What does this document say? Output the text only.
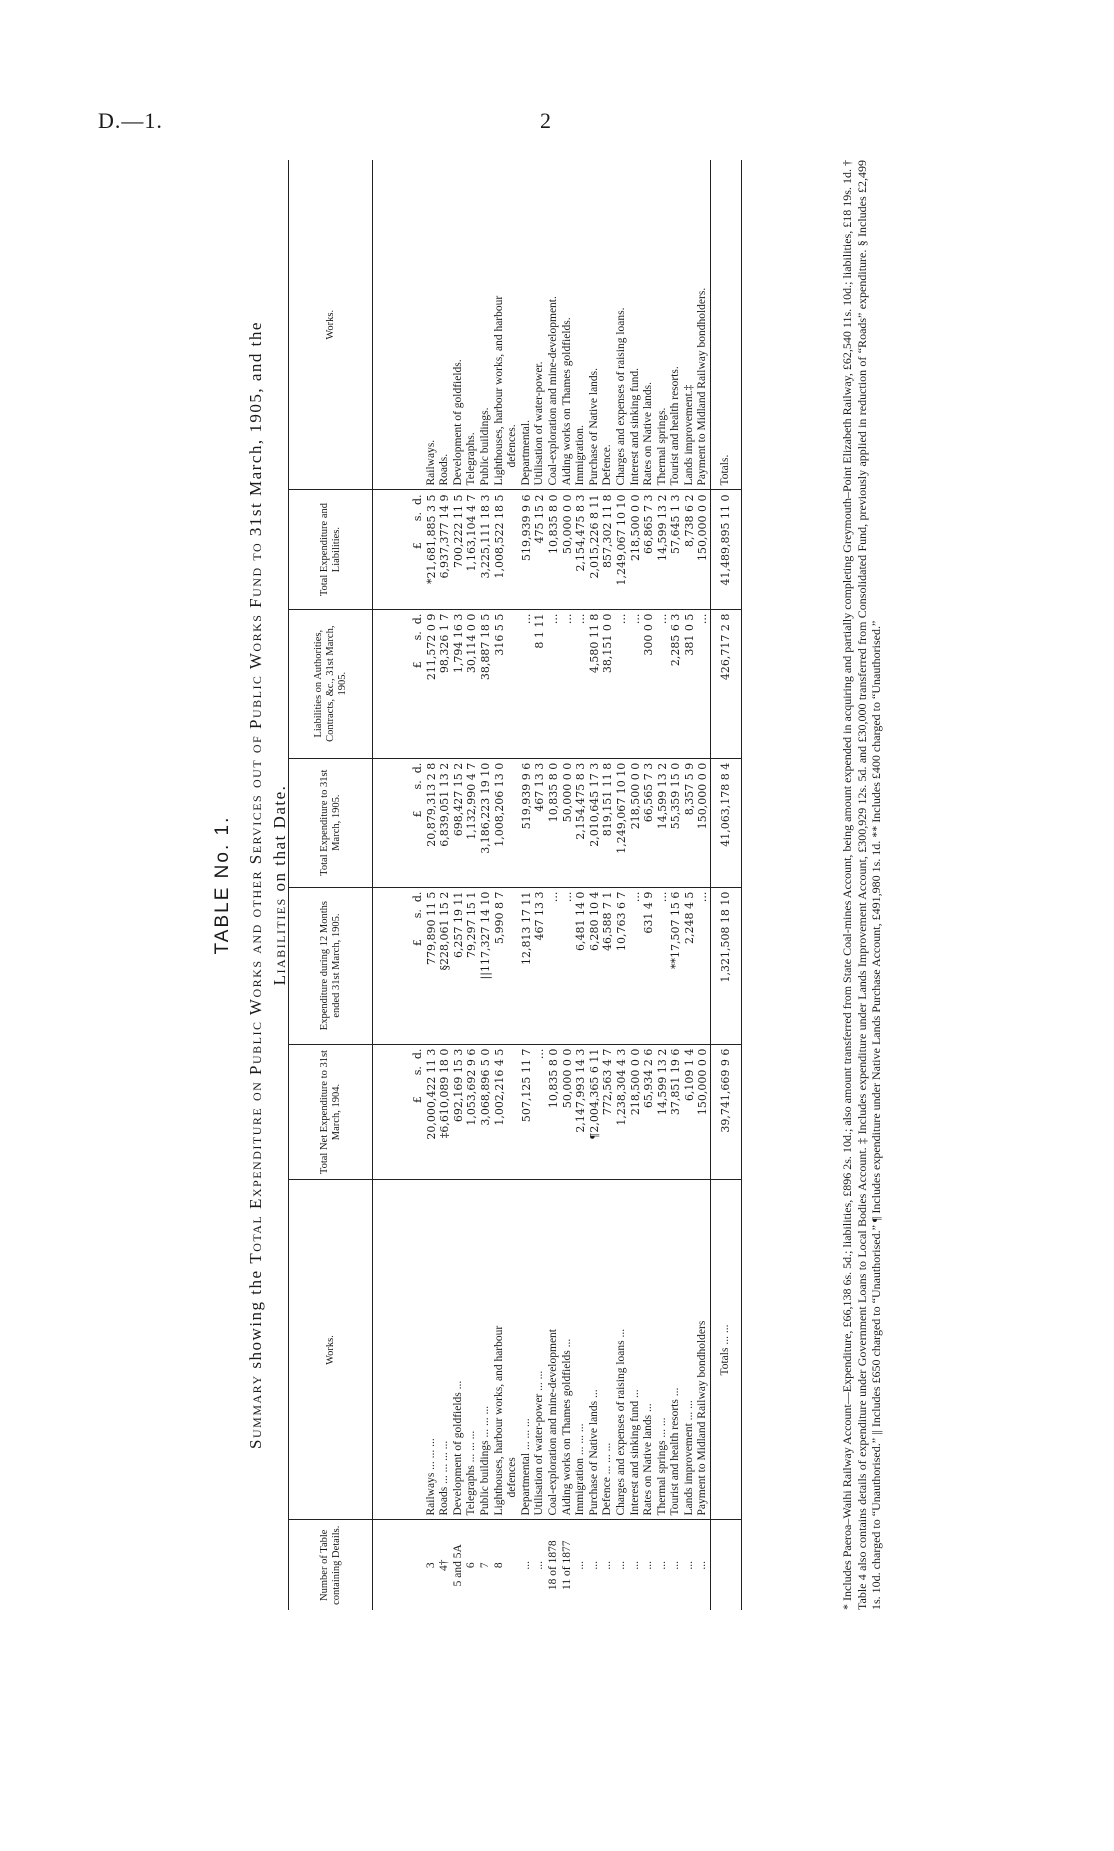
D.—1.	2
TABLE No. 1.
Summary showing the Total Expenditure on Public Works and other Services out of Public Works Fund to 31st March, 1905, and the
Liabilities on that Date.
Number of Table containing Details.	Works.	Total Net Expenditure to 31st March, 1904.	Expenditure during 12 Months ended 31st March, 1905.	Total Expenditure to 31st March, 1905.	Liabilities on Authorities, Contracts, &c., 31st March, 1905.	Total Expenditure and Liabilities.	Works.
		£      s.  d.	£      s.  d.	£      s.  d.	£      s.  d.	£      s.  d.	
3	Railways ... ... ...	20,000,422 11 3	779,890 11 5	20,879,313 2 8	211,572 0 9	*21,681,885 3 5	Railways.
4†	Roads ... ... ... ...	‡6,610,089 18 0	§228,061 15 2	6,839,051 13 2	98,326 1 7	6,937,377 14 9	Roads.
5 and 5A	Development of goldfields ...	692,169 15 3	6,257 19 11	698,427 15 2	1,794 16 3	700,222 11 5	Development of goldfields.
6	Telegraphs ... ... ...	1,053,692 9 6	79,297 15 1	1,132,990 4 7	30,114 0 0	1,163,104 4 7	Telegraphs.
7	Public buildings ... ... ...	3,068,896 5 0	||117,327 14 10	3,186,223 19 10	38,887 18 5	3,225,111 18 3	Public buildings.
8	Lighthouses, harbour works, and harbour	1,002,216 4 5	5,990 8 7	1,008,206 13 0	316 5 5	1,008,522 18 5	Lighthouses, harbour works, and harbour
	defences						defences.
...	Departmental ... ... ...	507,125 11 7	12,813 17 11	519,939 9 6	...	519,939 9 6	Departmental.
...	Utilisation of water-power ... ...	...	467 13 3	467 13 3	8 1 11	475 15 2	Utilisation of water-power.
18 of 1878	Coal-exploration and mine-development	10,835 8 0	...	10,835 8 0	...	10,835 8 0	Coal-exploration and mine-development.
11 of 1877	Aiding works on Thames goldfields ...	50,000 0 0	...	50,000 0 0	...	50,000 0 0	Aiding works on Thames goldfields.
...	Immigration ... ... ...	2,147,993 14 3	6,481 14 0	2,154,475 8 3	...	2,154,475 8 3	Immigration.
...	Purchase of Native lands ...	¶2,004,365 6 11	6,280 10 4	2,010,645 17 3	4,580 11 8	2,015,226 8 11	Purchase of Native lands.
...	Defence ... ... ...	772,563 4 7	46,588 7 1	819,151 11 8	38,151 0 0	857,302 11 8	Defence.
...	Charges and expenses of raising loans ...	1,238,304 4 3	10,763 6 7	1,249,067 10 10	...	1,249,067 10 10	Charges and expenses of raising loans.
...	Interest and sinking fund ...	218,500 0 0	...	218,500 0 0	...	218,500 0 0	Interest and sinking fund.
...	Rates on Native lands ...	65,934 2 6	631 4 9	66,565 7 3	300 0 0	66,865 7 3	Rates on Native lands.
...	Thermal springs ... ...	14,599 13 2	...	14,599 13 2	...	14,599 13 2	Thermal springs.
...	Tourist and health resorts ...	37,851 19 6	**17,507 15 6	55,359 15 0	2,285 6 3	57,645 1 3	Tourist and health resorts.
...	Lands improvement ... ...	6,109 1 4	2,248 4 5	8,357 5 9	381 0 5	8,738 6 2	Lands improvement.‡
...	Payment to Midland Railway bondholders	150,000 0 0	...	150,000 0 0	...	150,000 0 0	Payment to Midland Railway bondholders.
	Totals ... ...	39,741,669 9 6	1,321,508 18 10	41,063,178 8 4	426,717 2 8	41,489,895 11 0	Totals.	* Includes Paeroa–Waihi Railway Account—Expenditure, £66,138 6s. 5d.; liabilities, £896 2s. 10d.; also amount transferred from State Coal-mines Account, being amount expended in acquiring and partially completing Greymouth–Point Elizabeth Railway, £62,540 11s. 10d.; liabilities, £18 19s. 1d. † Table 4 also contains details of expenditure under Government Loans to Local Bodies Account. ‡ Includes expenditure under Lands Improvement Account, £300,929 12s. 5d. and £30,000 transferred from Consolidated Fund, previously applied in reduction of “Roads” expenditure. § Includes £2,499 1s. 10d. charged to “Unauthorised.” || Includes £650 charged to “Unauthorised.” ¶ Includes expenditure under Native Lands Purchase Account, £491,980 1s. 1d. ** Includes £400 charged to “Unauthorised.”
